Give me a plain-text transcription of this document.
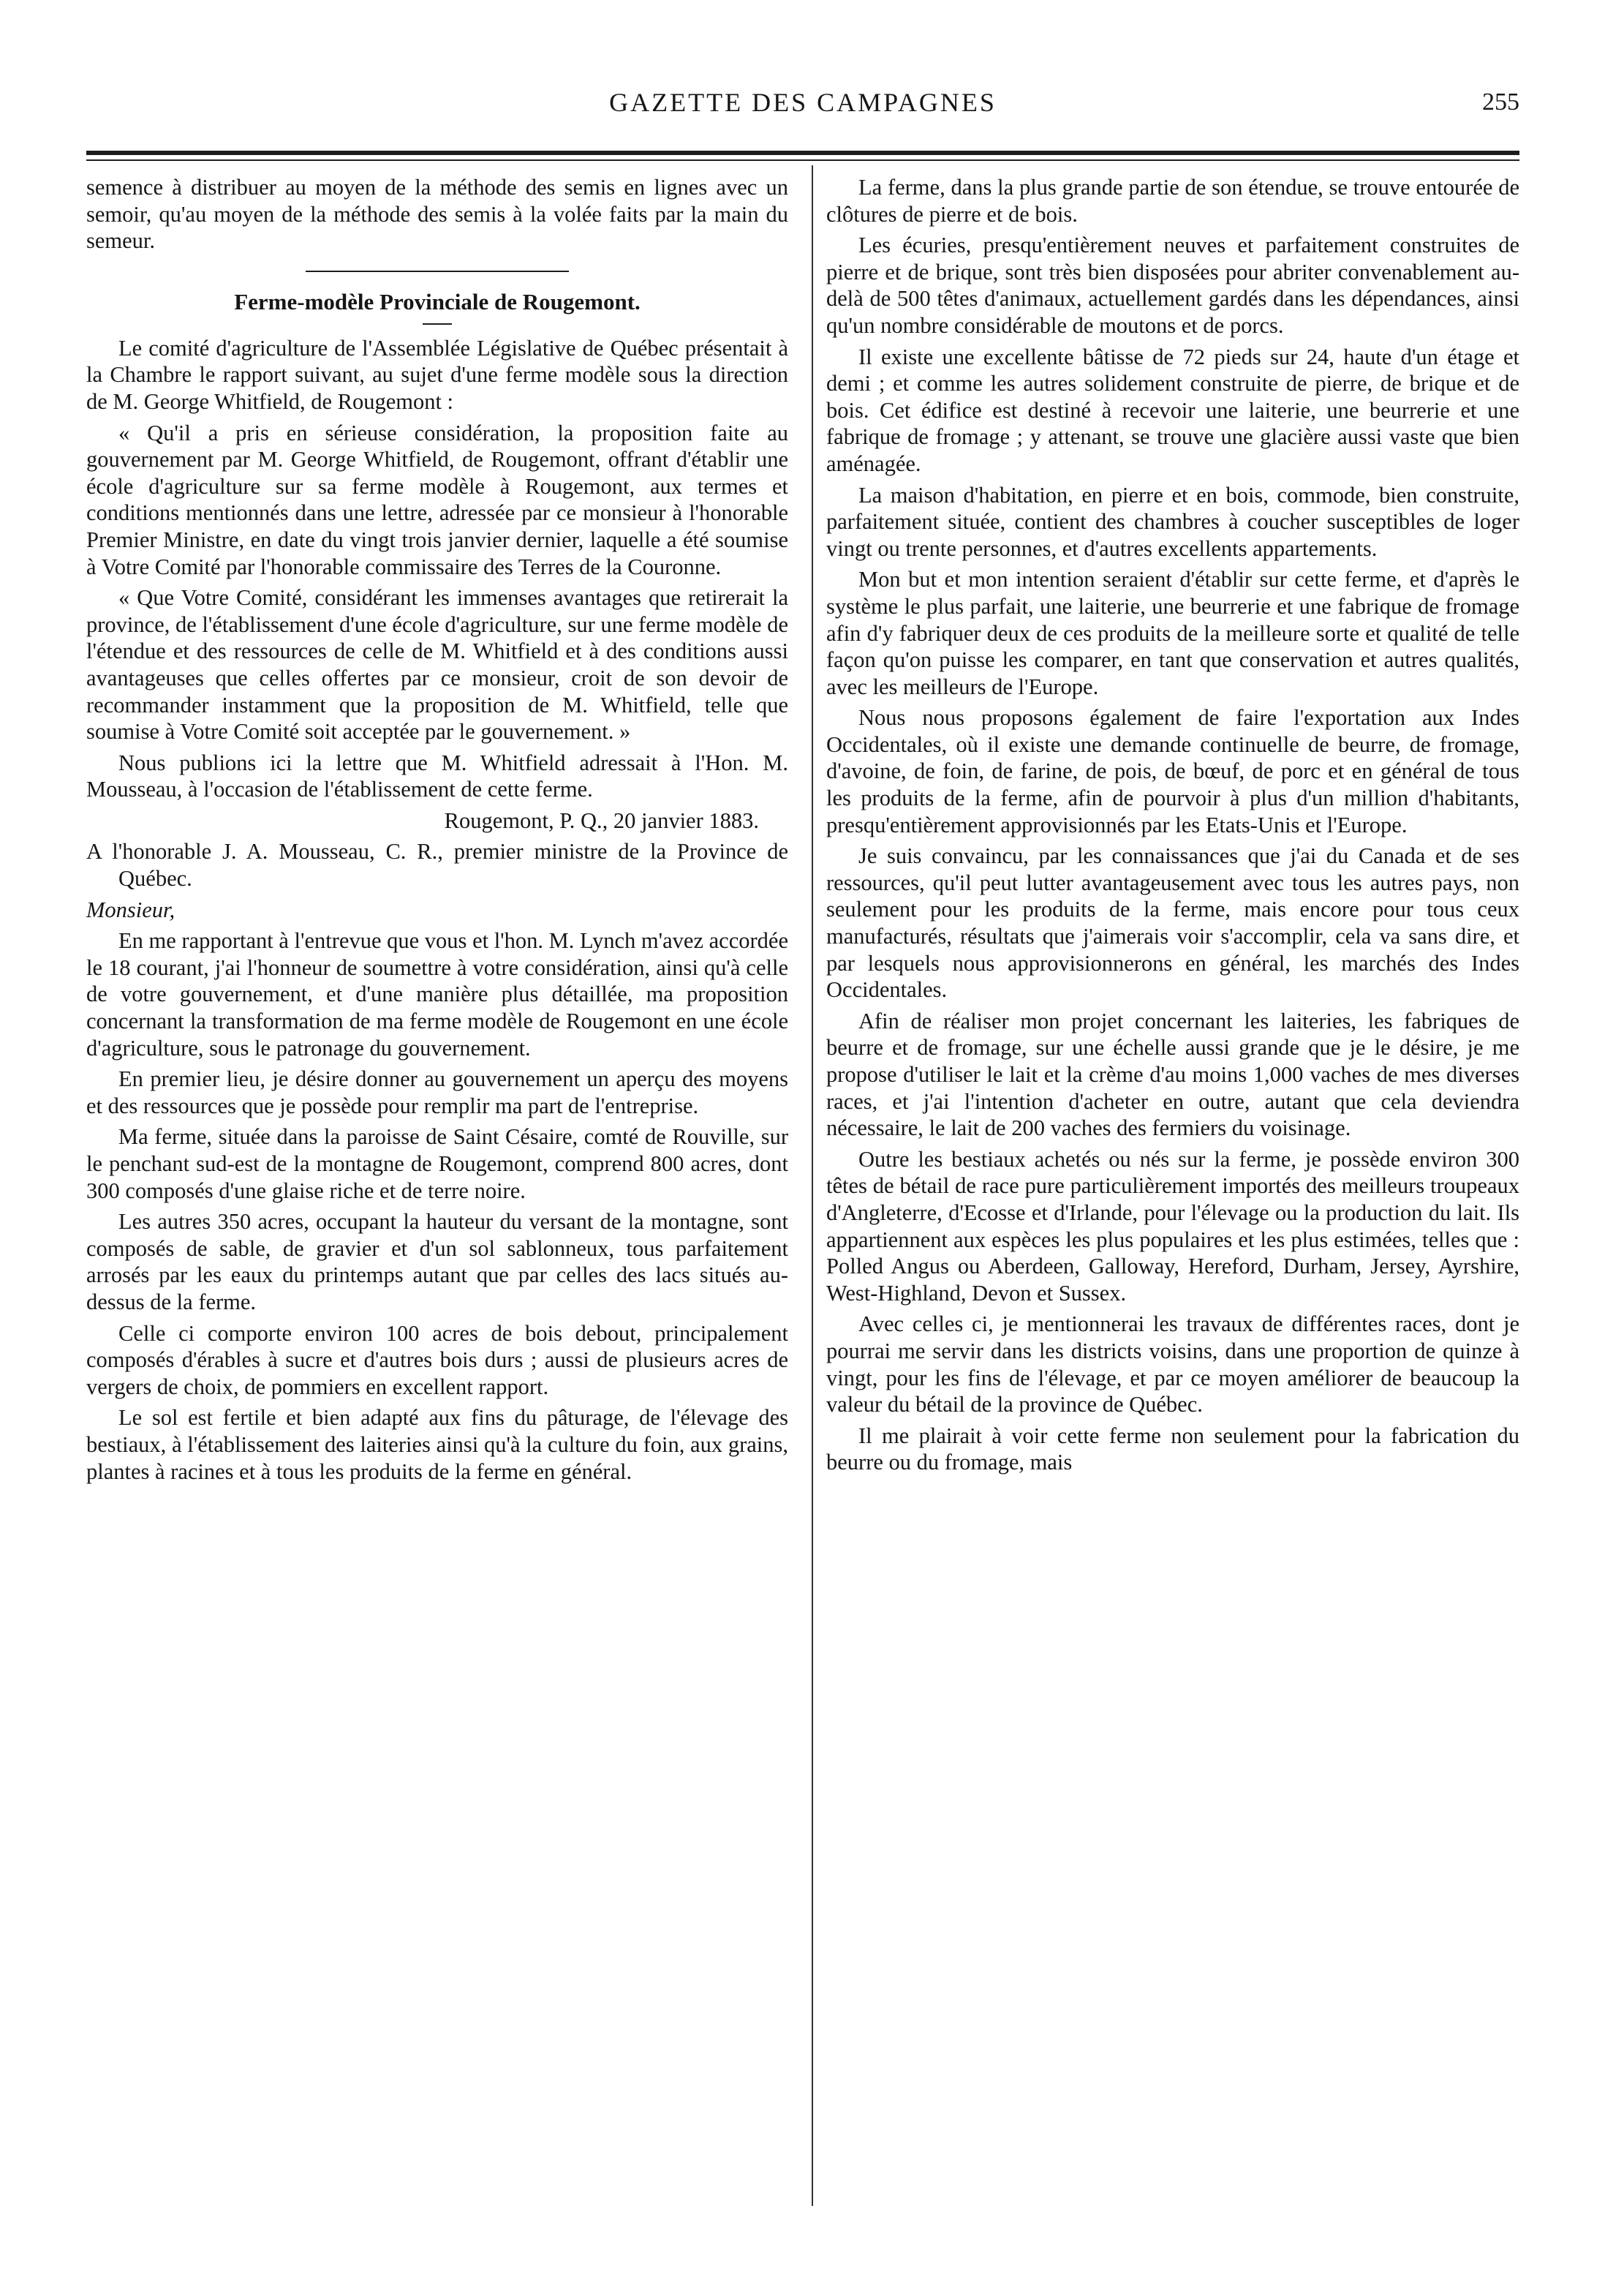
GAZETTE DES CAMPAGNES	255

semence à distribuer au moyen de la méthode des semis en lignes avec un semoir, qu'au moyen de la méthode des semis à la volée faits par la main du semeur.

Ferme-modèle Provinciale de Rougemont.

Le comité d'agriculture de l'Assemblée Législative de Québec présentait à la Chambre le rapport suivant, au sujet d'une ferme modèle sous la direction de M. George Whitfield, de Rougemont :

« Qu'il a pris en sérieuse considération, la proposition faite au gouvernement par M. George Whitfield, de Rougemont, offrant d'établir une école d'agriculture sur sa ferme modèle à Rougemont, aux termes et conditions mentionnés dans une lettre, adressée par ce monsieur à l'honorable Premier Ministre, en date du vingt trois janvier dernier, laquelle a été soumise à Votre Comité par l'honorable commissaire des Terres de la Couronne.

« Que Votre Comité, considérant les immenses avantages que retirerait la province, de l'établissement d'une école d'agriculture, sur une ferme modèle de l'étendue et des ressources de celle de M. Whitfield et à des conditions aussi avantageuses que celles offertes par ce monsieur, croit de son devoir de recommander instamment que la proposition de M. Whitfield, telle que soumise à Votre Comité soit acceptée par le gouvernement. »

Nous publions ici la lettre que M. Whitfield adressait à l'Hon. M. Mousseau, à l'occasion de l'établissement de cette ferme.

Rougemont, P. Q., 20 janvier 1883.

A l'honorable J. A. Mousseau, C. R., premier ministre de la Province de Québec.

Monsieur,

En me rapportant à l'entrevue que vous et l'hon. M. Lynch m'avez accordée le 18 courant, j'ai l'honneur de soumettre à votre considération, ainsi qu'à celle de votre gouvernement, et d'une manière plus détaillée, ma proposition concernant la transformation de ma ferme modèle de Rougemont en une école d'agriculture, sous le patronage du gouvernement.

En premier lieu, je désire donner au gouvernement un aperçu des moyens et des ressources que je possède pour remplir ma part de l'entreprise.

Ma ferme, située dans la paroisse de Saint Césaire, comté de Rouville, sur le penchant sud-est de la montagne de Rougemont, comprend 800 acres, dont 300 composés d'une glaise riche et de terre noire.

Les autres 350 acres, occupant la hauteur du versant de la montagne, sont composés de sable, de gravier et d'un sol sablonneux, tous parfaitement arrosés par les eaux du printemps autant que par celles des lacs situés au-dessus de la ferme.

Celle ci comporte environ 100 acres de bois debout, principalement composés d'érables à sucre et d'autres bois durs ; aussi de plusieurs acres de vergers de choix, de pommiers en excellent rapport.

Le sol est fertile et bien adapté aux fins du pâturage, de l'élevage des bestiaux, à l'établissement des laiteries ainsi qu'à la culture du foin, aux grains, plantes à racines et à tous les produits de la ferme en général.

La ferme, dans la plus grande partie de son étendue, se trouve entourée de clôtures de pierre et de bois.

Les écuries, presqu'entièrement neuves et parfaitement construites de pierre et de brique, sont très bien disposées pour abriter convenablement au-delà de 500 têtes d'animaux, actuellement gardés dans les dépendances, ainsi qu'un nombre considérable de moutons et de porcs.

Il existe une excellente bâtisse de 72 pieds sur 24, haute d'un étage et demi ; et comme les autres solidement construite de pierre, de brique et de bois. Cet édifice est destiné à recevoir une laiterie, une beurrerie et une fabrique de fromage ; y attenant, se trouve une glacière aussi vaste que bien aménagée.

La maison d'habitation, en pierre et en bois, commode, bien construite, parfaitement située, contient des chambres à coucher susceptibles de loger vingt ou trente personnes, et d'autres excellents appartements.

Mon but et mon intention seraient d'établir sur cette ferme, et d'après le système le plus parfait, une laiterie, une beurrerie et une fabrique de fromage afin d'y fabriquer deux de ces produits de la meilleure sorte et qualité de telle façon qu'on puisse les comparer, en tant que conservation et autres qualités, avec les meilleurs de l'Europe.

Nous nous proposons également de faire l'exportation aux Indes Occidentales, où il existe une demande continuelle de beurre, de fromage, d'avoine, de foin, de farine, de pois, de bœuf, de porc et en général de tous les produits de la ferme, afin de pourvoir à plus d'un million d'habitants, presqu'entièrement approvisionnés par les Etats-Unis et l'Europe.

Je suis convaincu, par les connaissances que j'ai du Canada et de ses ressources, qu'il peut lutter avantageusement avec tous les autres pays, non seulement pour les produits de la ferme, mais encore pour tous ceux manufacturés, résultats que j'aimerais voir s'accomplir, cela va sans dire, et par lesquels nous approvisionnerons en général, les marchés des Indes Occidentales.

Afin de réaliser mon projet concernant les laiteries, les fabriques de beurre et de fromage, sur une échelle aussi grande que je le désire, je me propose d'utiliser le lait et la crème d'au moins 1,000 vaches de mes diverses races, et j'ai l'intention d'acheter en outre, autant que cela deviendra nécessaire, le lait de 200 vaches des fermiers du voisinage.

Outre les bestiaux achetés ou nés sur la ferme, je possède environ 300 têtes de bétail de race pure particulièrement importés des meilleurs troupeaux d'Angleterre, d'Ecosse et d'Irlande, pour l'élevage ou la production du lait. Ils appartiennent aux espèces les plus populaires et les plus estimées, telles que : Polled Angus ou Aberdeen, Galloway, Hereford, Durham, Jersey, Ayrshire, West-Highland, Devon et Sussex.

Avec celles ci, je mentionnerai les travaux de différentes races, dont je pourrai me servir dans les districts voisins, dans une proportion de quinze à vingt, pour les fins de l'élevage, et par ce moyen améliorer de beaucoup la valeur du bétail de la province de Québec.

Il me plairait à voir cette ferme non seulement pour la fabrication du beurre ou du fromage, mais
